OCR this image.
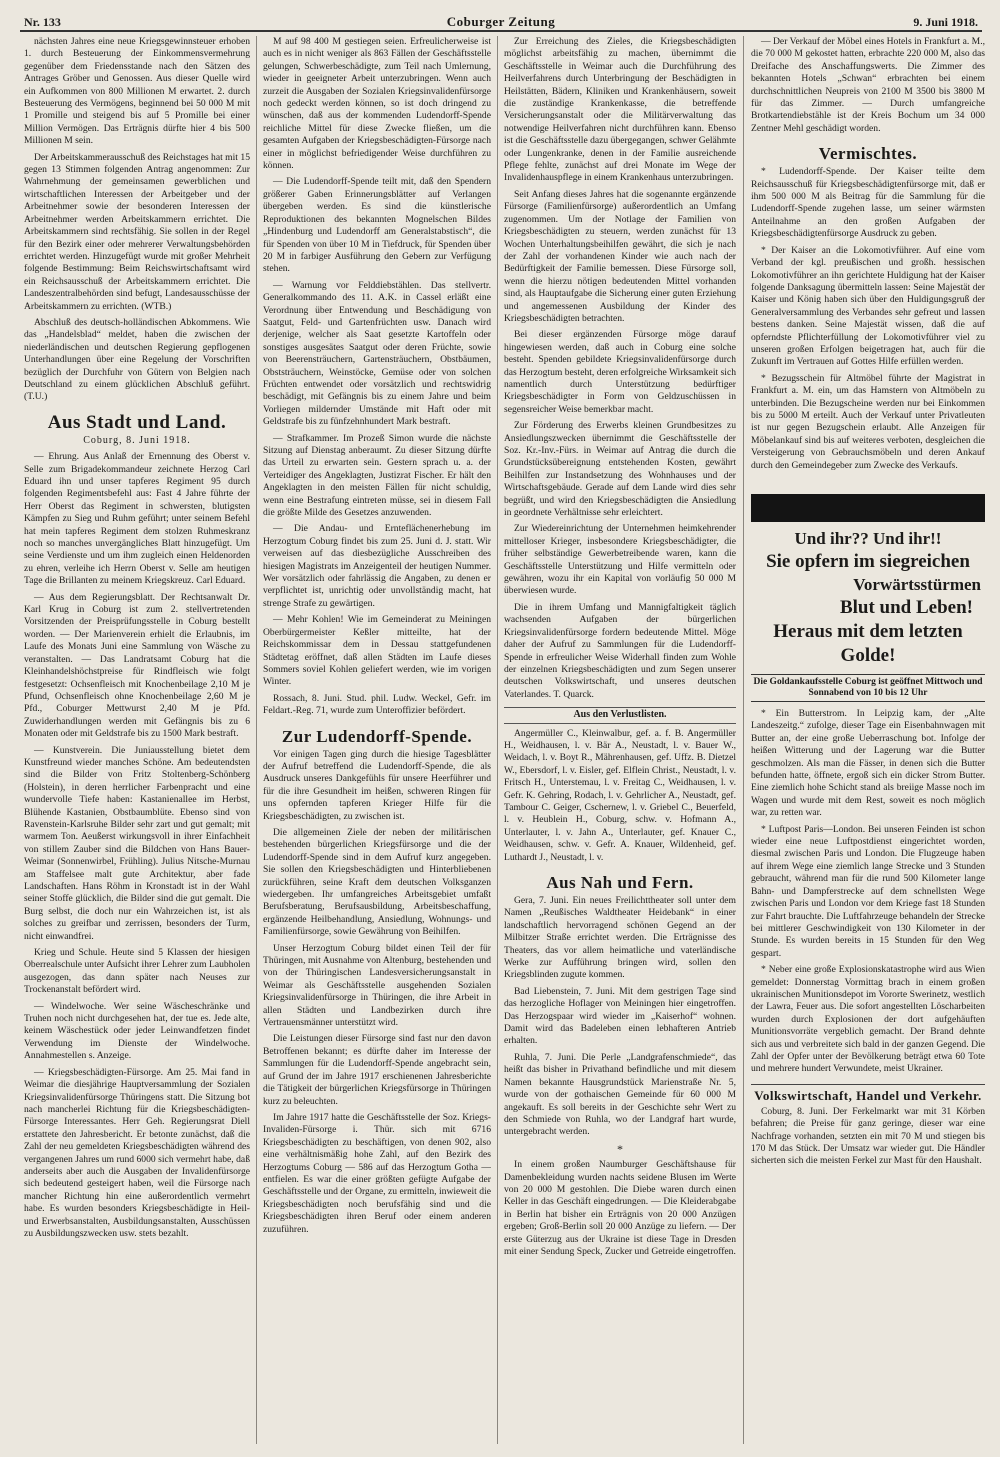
Nr. 133	Coburger Zeitung	9. Juni 1918.

nächsten Jahres eine neue Kriegsgewinnsteuer erhoben 1. durch Besteuerung der Einkommensvermehrung gegenüber dem Friedensstande nach den Sätzen des Antrages Gröber und Genossen. Aus dieser Quelle wird ein Aufkommen von 800 Millionen M erwartet. 2. durch Besteuerung des Vermögens, beginnend bei 50 000 M mit 1 Promille und steigend bis auf 5 Promille bei einer Million Vermögen. Das Erträgnis dürfte hier 4 bis 500 Millionen M sein.

Der Arbeitskammerausschuß des Reichstages hat mit 15 gegen 13 Stimmen folgenden Antrag angenommen: Zur Wahrnehmung der gemeinsamen gewerblichen und wirtschaftlichen Interessen der Arbeitgeber und der Arbeitnehmer sowie der besonderen Interessen der Arbeitnehmer werden Arbeitskammern errichtet. Die Arbeitskammern sind rechtsfähig. Sie sollen in der Regel für den Bezirk einer oder mehrerer Verwaltungsbehörden errichtet werden. Hinzugefügt wurde mit großer Mehrheit folgende Bestimmung: Beim Reichswirtschaftsamt wird ein Reichsausschuß der Arbeitskammern errichtet. Die Landeszentralbehörden sind befugt, Landesausschüsse der Arbeitskammern zu errichten. (WTB.)

Abschluß des deutsch-holländischen Abkommens. Wie das „Handelsblad“ meldet, haben die zwischen der niederländischen und deutschen Regierung gepflogenen Unterhandlungen über eine Regelung der Vorschriften bezüglich der Durchfuhr von Gütern von Belgien nach Deutschland zu einem glücklichen Abschluß geführt. (T.U.)

Aus Stadt und Land.
Coburg, 8. Juni 1918.

— Ehrung. Aus Anlaß der Ernennung des Oberst v. Selle zum Brigadekommandeur zeichnete Herzog Carl Eduard ihn und unser tapferes Regiment 95 durch folgenden Regimentsbefehl aus: Fast 4 Jahre führte der Herr Oberst das Regiment in schwersten, blutigsten Kämpfen zu Sieg und Ruhm geführt; unter seinem Befehl hat mein tapferes Regiment dem stolzen Ruhmeskranz noch so manches unvergängliches Blatt hinzugefügt. Um seine Verdienste und um ihm zugleich einen Heldenorden zu ehren, verleihe ich Herrn Oberst v. Selle am heutigen Tage die Brillanten zu meinem Kriegskreuz. Carl Eduard.

— Aus dem Regierungsblatt. Der Rechtsanwalt Dr. Karl Krug in Coburg ist zum 2. stellvertretenden Vorsitzenden der Preisprüfungsstelle in Coburg bestellt worden. — Der Marienverein erhielt die Erlaubnis, im Laufe des Monats Juni eine Sammlung von Wäsche zu veranstalten. — Das Landratsamt Coburg hat die Kleinhandelshöchstpreise für Rindfleisch wie folgt festgesetzt: Ochsenfleisch mit Knochenbeilage 2,10 M je Pfund, Ochsenfleisch ohne Knochenbeilage 2,60 M je Pfd., Coburger Mettwurst 2,40 M je Pfd. Zuwiderhandlungen werden mit Gefängnis bis zu 6 Monaten oder mit Geldstrafe bis zu 1500 Mark bestraft.

— Kunstverein. Die Juniausstellung bietet dem Kunstfreund wieder manches Schöne. Am bedeutendsten sind die Bilder von Fritz Stoltenberg-Schönberg (Holstein), in deren herrlicher Farbenpracht und eine wundervolle Tiefe haben: Kastanienallee im Herbst, Blühende Kastanien, Obstbaumblüte. Ebenso sind von Ravenstein-Karlsruhe Bilder sehr zart und gut gemalt; mit warmem Ton. Aeußerst wirkungsvoll in ihrer Einfachheit von stillem Zauber sind die Bildchen von Hans Bauer-Weimar (Sonnenwirbel, Frühling). Julius Nitsche-Murnau am Staffelsee malt gute Architektur, aber fade Landschaften. Hans Röhm in Kronstadt ist in der Wahl seiner Stoffe glücklich, die Bilder sind die gut gemalt. Die Burg selbst, die doch nur ein Wahrzeichen ist, ist als solches zu greifbar und zerrissen, besonders der Turm, nicht einwandfrei.

Krieg und Schule. Heute sind 5 Klassen der hiesigen Oberrealschule unter Aufsicht ihrer Lehrer zum Laubholen ausgezogen, das dann später nach Neuses zur Trockenanstalt befördert wird.

— Windelwoche. Wer seine Wäscheschränke und Truhen noch nicht durchgesehen hat, der tue es. Jede alte, keinem Wäschestück oder jeder Leinwandfetzen findet Verwendung im Dienste der Windelwoche. Annahmestellen s. Anzeige.

— Kriegsbeschädigten-Fürsorge. Am 25. Mai fand in Weimar die diesjährige Hauptversammlung der Sozialen Kriegsinvalidenfürsorge Thüringens statt. Die Sitzung bot nach mancherlei Richtung für die Kriegsbeschädigten-Fürsorge Interessantes. Herr Geh. Regierungsrat Diell erstattete den Jahresbericht. Er betonte zunächst, daß die Zahl der neu gemeldeten Kriegsbeschädigten während des vergangenen Jahres um rund 6000 sich vermehrt habe, daß anderseits aber auch die Ausgaben der Invalidenfürsorge sich bedeutend gesteigert haben, weil die Fürsorge nach mancher Richtung hin eine außerordentlich vermehrt habe. Es wurden besonders Kriegsbeschädigte in Heil- und Erwerbsanstalten, Ausbildungsanstalten, Ausschüssen zu Ausbildungszwecken usw. stets bezahlt.

M auf 98 400 M gestiegen seien. Erfreulicherweise ist auch es in nicht weniger als 863 Fällen der Geschäftsstelle gelungen, Schwerbeschädigte, zum Teil nach Umlernung, wieder in geeigneter Arbeit unterzubringen. Wenn auch zurzeit die Ausgaben der Sozialen Kriegsinvalidenfürsorge noch gedeckt werden können, so ist doch dringend zu wünschen, daß aus der kommenden Ludendorff-Spende reichliche Mittel für diese Zwecke fließen, um die gesamten Aufgaben der Kriegsbeschädigten-Fürsorge nach einer in möglichst befriedigender Weise durchführen zu können.

— Die Ludendorff-Spende teilt mit, daß den Spendern größerer Gaben Erinnerungsblätter auf Verlangen übergeben werden. Es sind die künstlerische Reproduktionen des bekannten Mognelschen Bildes „Hindenburg und Ludendorff am Generalstabstisch“, die für Spenden von über 10 M in Tiefdruck, für Spenden über 20 M in farbiger Ausführung den Gebern zur Verfügung stehen.

— Warnung vor Felddiebstählen. Das stellvertr. Generalkommando des 11. A.K. in Cassel erläßt eine Verordnung über Entwendung und Beschädigung von Saatgut, Feld- und Gartenfrüchten usw. Danach wird derjenige, welcher als Saat gesetzte Kartoffeln oder sonstiges ausgesätes Saatgut oder deren Früchte, sowie von Beerensträuchern, Gartensträuchern, Obstbäumen, Obststräuchern, Weinstöcke, Gemüse oder von solchen Früchten entwendet oder vorsätzlich und rechtswidrig beschädigt, mit Gefängnis bis zu einem Jahre und beim Vorliegen mildernder Umstände mit Haft oder mit Geldstrafe bis zu fünfzehnhundert Mark bestraft.

— Strafkammer. Im Prozeß Simon wurde die nächste Sitzung auf Dienstag anberaumt. Zu dieser Sitzung dürfte das Urteil zu erwarten sein. Gestern sprach u. a. der Verteidiger des Angeklagten, Justizrat Fischer. Er hält den Angeklagten in den meisten Fällen für nicht schuldig, wenn eine Bestrafung eintreten müsse, sei in diesem Fall die größte Milde des Gesetzes anzuwenden.

— Die Andau- und Ernteflächenerhebung im Herzogtum Coburg findet bis zum 25. Juni d. J. statt. Wir verweisen auf das diesbezügliche Ausschreiben des hiesigen Magistrats im Anzeigenteil der heutigen Nummer. Wer vorsätzlich oder fahrlässig die Angaben, zu denen er verpflichtet ist, unrichtig oder unvollständig macht, hat strenge Strafe zu gewärtigen.

— Mehr Kohlen! Wie im Gemeinderat zu Meiningen Oberbürgermeister Keßler mitteilte, hat der Reichskommissar dem in Dessau stattgefundenen Städtetag eröffnet, daß allen Städten im Laufe dieses Sommers soviel Kohlen geliefert werden, wie im vorigen Winter.

Rossach, 8. Juni. Stud. phil. Ludw. Weckel, Gefr. im Feldart.-Reg. 71, wurde zum Unteroffizier befördert.

Zur Ludendorff-Spende.

Vor einigen Tagen ging durch die hiesige Tagesblätter der Aufruf betreffend die Ludendorff-Spende, die als Ausdruck unseres Dankgefühls für unsere Heerführer und für die ihre Gesundheit im heißen, schweren Ringen für uns opfernden tapferen Krieger Hilfe für die Kriegsbeschädigten, zu zwischen ist.

Die allgemeinen Ziele der neben der militärischen bestehenden bürgerlichen Kriegsfürsorge und die der Ludendorff-Spende sind in dem Aufruf kurz angegeben. Sie sollen den Kriegsbeschädigten und Hinterbliebenen zurückführen, seine Kraft dem deutschen Volksganzen wiedergeben. Ihr umfangreiches Arbeitsgebiet umfaßt Berufsberatung, Berufsausbildung, Arbeitsbeschaffung, ergänzende Heilbehandlung, Ansiedlung, Wohnungs- und Familienfürsorge, sowie Gewährung von Beihilfen.

Unser Herzogtum Coburg bildet einen Teil der für Thüringen, mit Ausnahme von Altenburg, bestehenden und von der Thüringischen Landesversicherungsanstalt in Weimar als Geschäftsstelle ausgehenden Sozialen Kriegsinvalidenfürsorge in Thüringen, die ihre Arbeit in allen Städten und Landbezirken durch ihre Vertrauensmänner unterstützt wird.

Die Leistungen dieser Fürsorge sind fast nur den davon Betroffenen bekannt; es dürfte daher im Interesse der Sammlungen für die Ludendorff-Spende angebracht sein, auf Grund der im Jahre 1917 erschienenen Jahresberichte die Tätigkeit der bürgerlichen Kriegsfürsorge in Thüringen kurz zu beleuchten.

Im Jahre 1917 hatte die Geschäftsstelle der Soz. Kriegs-Invaliden-Fürsorge i. Thür. sich mit 6716 Kriegsbeschädigten zu beschäftigen, von denen 902, also eine verhältnismäßig hohe Zahl, auf den Bezirk des Herzogtums Coburg — 586 auf das Herzogtum Gotha — entfielen. Es war die einer größten gefügte Aufgabe der Geschäftsstelle und der Organe, zu ermitteln, inwieweit die Kriegsbeschädigten noch berufsfähig sind und die Kriegsbeschädigten ihren Beruf oder einem anderen zuzuführen.

Zur Erreichung des Zieles, die Kriegsbeschädigten möglichst arbeitsfähig zu machen, übernimmt die Geschäftsstelle in Weimar auch die Durchführung des Heilverfahrens durch Unterbringung der Beschädigten in Heilstätten, Bädern, Kliniken und Krankenhäusern, soweit die zuständige Krankenkasse, die betreffende Versicherungsanstalt oder die Militärverwaltung das notwendige Heilverfahren nicht durchführen kann. Ebenso ist die Geschäftsstelle dazu übergegangen, schwer Gelähmte oder Lungenkranke, denen in der Familie ausreichende Pflege fehlte, zunächst auf drei Monate im Wege der Invalidenhauspflege in einem Krankenhaus unterzubringen.

Seit Anfang dieses Jahres hat die sogenannte ergänzende Fürsorge (Familienfürsorge) außerordentlich an Umfang zugenommen. Um der Notlage der Familien von Kriegsbeschädigten zu steuern, werden zunächst für 13 Wochen Unterhaltungsbeihilfen gewährt, die sich je nach der Zahl der vorhandenen Kinder wie auch nach der Bedürftigkeit der Familie bemessen. Diese Fürsorge soll, wenn die hierzu nötigen bedeutenden Mittel vorhanden sind, als Hauptaufgabe die Sicherung einer guten Erziehung und angemessenen Ausbildung der Kinder des Kriegsbeschädigten betrachten.

Bei dieser ergänzenden Fürsorge möge darauf hingewiesen werden, daß auch in Coburg eine solche besteht. Spenden gebildete Kriegsinvalidenfürsorge durch das Herzogtum besteht, deren erfolgreiche Wirksamkeit sich namentlich durch Unterstützung bedürftiger Kriegsbeschädigter in Form von Geldzuschüssen in segensreicher Weise bemerkbar macht.

Zur Förderung des Erwerbs kleinen Grundbesitzes zu Ansiedlungszwecken übernimmt die Geschäftsstelle der Soz. Kr.-Inv.-Fürs. in Weimar auf Antrag die durch die Grundstücksübereignung entstehenden Kosten, gewährt Beihilfen zur Instandsetzung des Wohnhauses und der Wirtschaftsgebäude. Gerade auf dem Lande wird dies sehr begrüßt, und wird den Kriegsbeschädigten die Ansiedlung in geordnete Verhältnisse sehr erleichtert.

Zur Wiedereinrichtung der Unternehmen heimkehrender mittelloser Krieger, insbesondere Kriegsbeschädigter, die früher selbständige Gewerbetreibende waren, kann die Geschäftsstelle Unterstützung und Hilfe vermitteln oder gewähren, wozu ihr ein Kapital von vorläufig 50 000 M überwiesen wurde.

Die in ihrem Umfang und Mannigfaltigkeit täglich wachsenden Aufgaben der bürgerlichen Kriegsinvalidenfürsorge fordern bedeutende Mittel. Möge daher der Aufruf zu Sammlungen für die Ludendorff-Spende in erfreulicher Weise Widerhall finden zum Wohle der einzelnen Kriegsbeschädigten und zum Segen unserer deutschen Volkswirtschaft, und unseres deutschen Vaterlandes. T. Quarck.

Aus den Verlustlisten.

Angermüller C., Kleinwalbur, gef. a. f. B. Angermüller H., Weidhausen, l. v. Bär A., Neustadt, l. v. Bauer W., Weidach, l. v. Boyt R., Mährenhausen, gef. Uffz. B. Dietzel W., Ebersdorf, l. v. Eisler, gef. Elflein Christ., Neustadt, l. v. Fritsch H., Unterstemau, l. v. Freitag C., Weidhausen, l. v. Gefr. K. Gehring, Rodach, l. v. Gehrlicher A., Neustadt, gef. Tambour C. Geiger, Cschernew, l. v. Griebel C., Beuerfeld, l. v. Heublein H., Coburg, schw. v. Hofmann A., Unterlauter, l. v. Jahn A., Unterlauter, gef. Knauer C., Weidhausen, schw. v. Gefr. A. Knauer, Wildenheid, gef. Luthardt J., Neustadt, l. v.

Aus Nah und Fern.

Gera, 7. Juni. Ein neues Freilichttheater soll unter dem Namen „Reußisches Waldtheater Heidebank“ in einer landschaftlich hervorragend schönen Gegend an der Milbitzer Straße errichtet werden. Die Erträgnisse des Theaters, das vor allem heimatliche und vaterländische Werke zur Aufführung bringen wird, sollen den Kriegsblinden zugute kommen.

Bad Liebenstein, 7. Juni. Mit dem gestrigen Tage sind das herzogliche Hoflager von Meiningen hier eingetroffen. Das Herzogspaar wird wieder im „Kaiserhof“ wohnen. Damit wird das Badeleben einen lebhafteren Antrieb erhalten.

Ruhla, 7. Juni. Die Perle „Landgrafenschmiede“, das heißt das bisher in Privathand befindliche und mit diesem Namen bekannte Hausgrundstück Marienstraße Nr. 5, wurde von der gothaischen Gemeinde für 60 000 M angekauft. Es soll bereits in der Geschichte sehr Wert zu den Schmiede von Ruhla, wo der Landgraf hart wurde, untergebracht werden.

*

In einem großen Naumburger Geschäftshause für Damenbekleidung wurden nachts seidene Blusen im Werte von 20 000 M gestohlen. Die Diebe waren durch einen Keller in das Geschäft eingedrungen. — Die Kleiderabgabe in Berlin hat bisher ein Erträgnis von 20 000 Anzügen ergeben; Groß-Berlin soll 20 000 Anzüge zu liefern. — Der erste Güterzug aus der Ukraine ist diese Tage in Dresden mit einer Sendung Speck, Zucker und Getreide eingetroffen.

— Der Verkauf der Möbel eines Hotels in Frankfurt a. M., die 70 000 M gekostet hatten, erbrachte 220 000 M, also das Dreifache des Anschaffungswerts. Die Zimmer des bekannten Hotels „Schwan“ erbrachten bei einem durchschnittlichen Neupreis von 2100 M 3500 bis 3800 M für das Zimmer. — Durch umfangreiche Brotkartendiebstähle ist der Kreis Bochum um 34 000 Zentner Mehl geschädigt worden.

Vermischtes.

* Ludendorff-Spende. Der Kaiser teilte dem Reichsausschuß für Kriegsbeschädigtenfürsorge mit, daß er ihm 500 000 M als Beitrag für die Sammlung für die Ludendorff-Spende zugehen lasse, um seiner wärmsten Anteilnahme an den großen Aufgaben der Kriegsbeschädigtenfürsorge Ausdruck zu geben.

* Der Kaiser an die Lokomotivführer. Auf eine vom Verband der kgl. preußischen und großh. hessischen Lokomotivführer an ihn gerichtete Huldigung hat der Kaiser folgende Danksagung übermitteln lassen: Seine Majestät der Kaiser und König haben sich über den Huldigungsgruß der Generalversammlung des Verbandes sehr gefreut und lassen bestens danken. Seine Majestät wissen, daß die auf opferndste Pflichterfüllung der Lokomotivführer viel zu unseren großen Erfolgen beigetragen hat, auch für die Zukunft im Vertrauen auf Gottes Hilfe erfüllen werden.

* Bezugsschein für Altmöbel führte der Magistrat in Frankfurt a. M. ein, um das Hamstern von Altmöbeln zu unterbinden. Die Bezugscheine werden nur bei Einkommen bis zu 5000 M erteilt. Auch der Verkauf unter Privatleuten ist nur gegen Bezugschein erlaubt. Alle Anzeigen für Möbelankauf sind bis auf weiteres verboten, desgleichen die Versteigerung von Gebrauchsmöbeln und deren Ankauf durch den Gemeindegeber zum Zwecke des Verkaufs.

Und ihr?? Und ihr!!
Sie opfern im siegreichen
Vorwärtsstürmen
Blut und Leben!
Heraus mit dem letzten Golde!
Die Goldankaufsstelle Coburg ist geöffnet Mittwoch und Sonnabend von 10 bis 12 Uhr

* Ein Butterstrom. In Leipzig kam, der „Alte Landeszeitg.“ zufolge, dieser Tage ein Eisenbahnwagen mit Butter an, der eine große Ueberraschung bot. Infolge der heißen Witterung und der Lagerung war die Butter geschmolzen. Als man die Fässer, in denen sich die Butter befunden hatte, öffnete, ergoß sich ein dicker Strom Butter. Eine ziemlich hohe Schicht stand als breiige Masse noch im Wagen und wurde mit dem Rest, soweit es noch möglich war, zu retten war.

* Luftpost Paris—London. Bei unseren Feinden ist schon wieder eine neue Luftpostdienst eingerichtet worden, diesmal zwischen Paris und London. Die Flugzeuge haben auf ihrem Wege eine ziemlich lange Strecke und 3 Stunden gebraucht, während man für die rund 500 Kilometer lange Bahn- und Dampferstrecke auf dem schnellsten Wege zwischen Paris und London vor dem Kriege fast 18 Stunden zur Fahrt brauchte. Die Luftfahrzeuge behandeln der Strecke bei mittlerer Geschwindigkeit von 130 Kilometer in der Stunde. Es wurden bereits in 15 Stunden für den Weg gespart.

* Neber eine große Explosionskatastrophe wird aus Wien gemeldet: Donnerstag Vormittag brach in einem großen ukrainischen Munitionsdepot im Vororte Swerinetz, westlich der Lawra, Feuer aus. Die sofort angestellten Löscharbeiten wurden durch Explosionen der dort aufgehäuften Munitionsvorräte vergeblich gemacht. Der Brand dehnte sich aus und verbreitete sich bald in der ganzen Gegend. Die Zahl der Opfer unter der Bevölkerung beträgt etwa 60 Tote und mehrere hundert Verwundete, meist Ukrainer.

Volkswirtschaft, Handel und Verkehr.

Coburg, 8. Juni. Der Ferkelmarkt war mit 31 Körben befahren; die Preise für ganz geringe, dieser war eine Nachfrage vorhanden, setzten ein mit 70 M und stiegen bis 170 M das Stück. Der Umsatz war wieder gut. Die Händler sicherten sich die meisten Ferkel zur Mast für den Haushalt.
